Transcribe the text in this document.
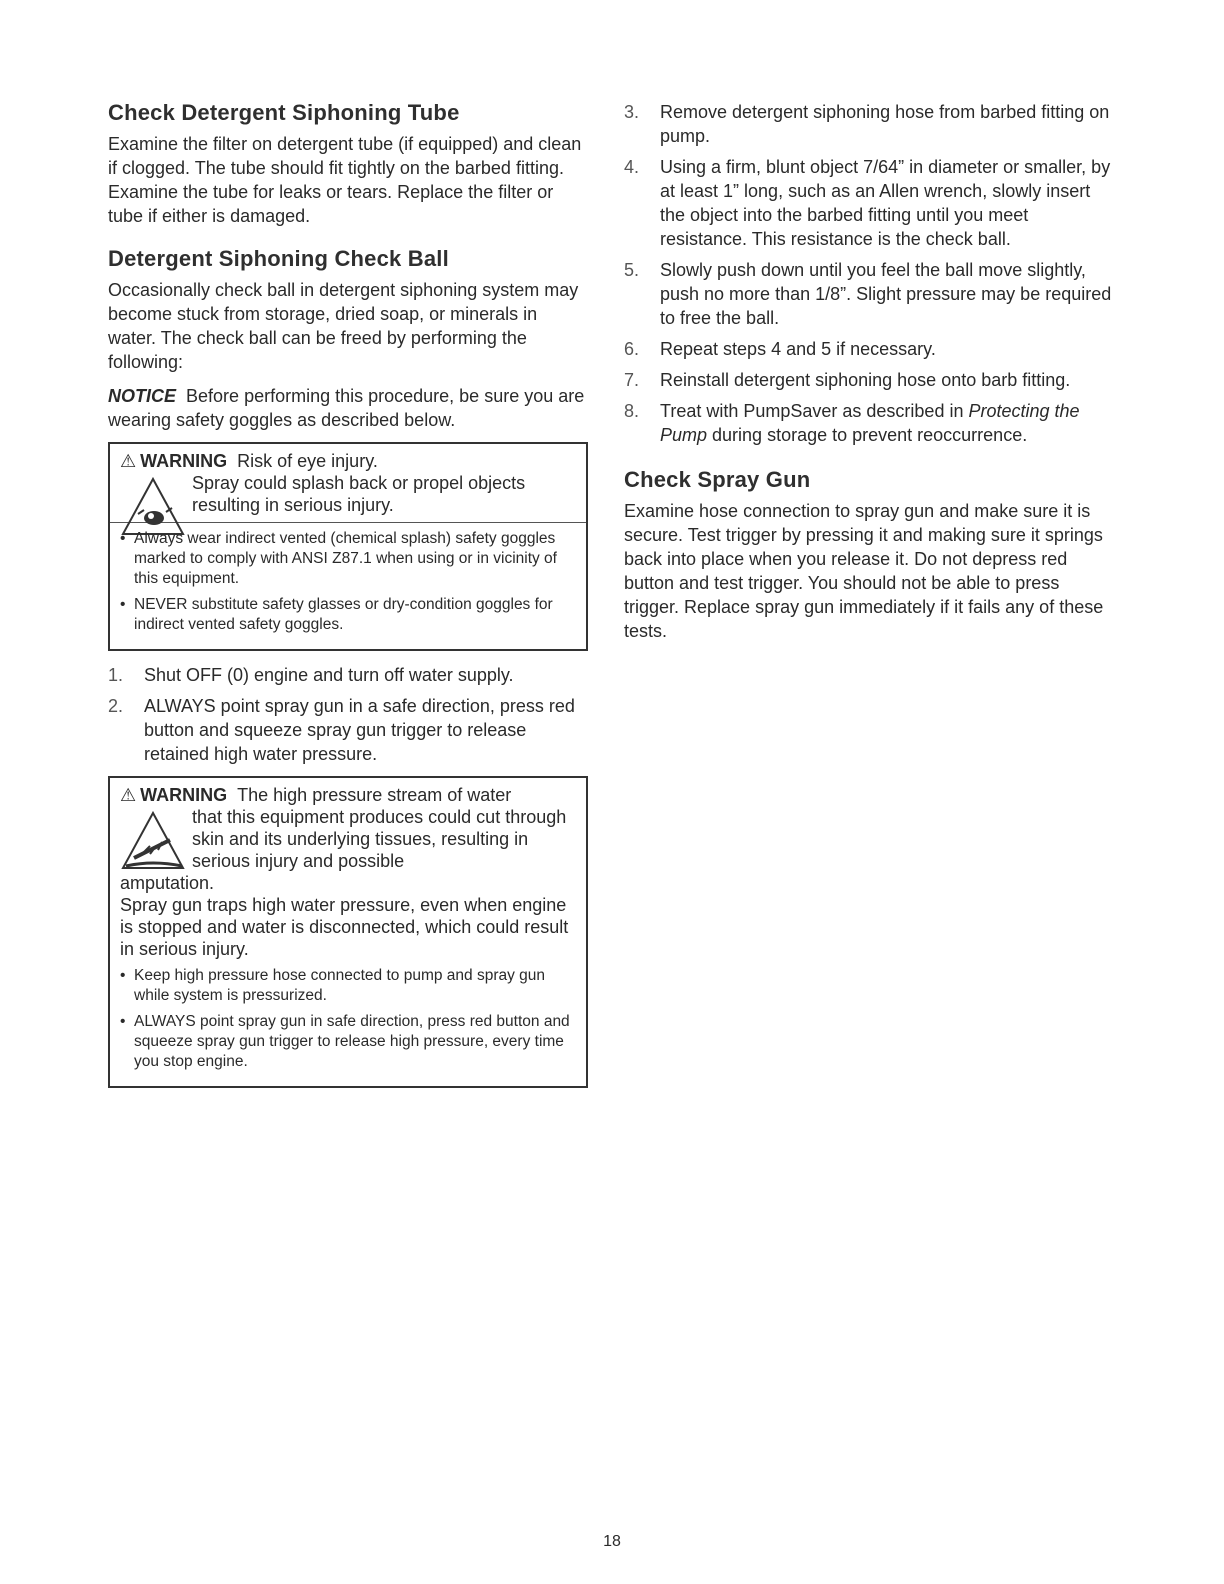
Check Detergent Siphoning Tube

Examine the filter on detergent tube (if equipped) and clean if clogged. The tube should fit tightly on the barbed fitting. Examine the tube for leaks or tears. Replace the filter or tube if either is damaged.

Detergent Siphoning Check Ball

Occasionally check ball in detergent siphoning system may become stuck from storage, dried soap, or minerals in water. The check ball can be freed by performing the following:

NOTICE Before performing this procedure, be sure you are wearing safety goggles as described below.

⚠ WARNING Risk of eye injury.
Spray could splash back or propel objects resulting in serious injury.
• Always wear indirect vented (chemical splash) safety goggles marked to comply with ANSI Z87.1 when using or in vicinity of this equipment.
• NEVER substitute safety glasses or dry-condition goggles for indirect vented safety goggles.
1. Shut OFF (0) engine and turn off water supply.
2. ALWAYS point spray gun in a safe direction, press red button and squeeze spray gun trigger to release retained high water pressure.
⚠ WARNING The high pressure stream of water
that this equipment produces could cut through skin and its underlying tissues, resulting in serious injury and possible
amputation.
Spray gun traps high water pressure, even when engine is stopped and water is disconnected, which could result in serious injury.
• Keep high pressure hose connected to pump and spray gun while system is pressurized.
• ALWAYS point spray gun in safe direction, press red button and squeeze spray gun trigger to release high pressure, every time you stop engine.
3. Remove detergent siphoning hose from barbed fitting on pump.
4. Using a firm, blunt object 7/64” in diameter or smaller, by at least 1” long, such as an Allen wrench, slowly insert the object into the barbed fitting until you meet resistance. This resistance is the check ball.
5. Slowly push down until you feel the ball move slightly, push no more than 1/8”. Slight pressure may be required to free the ball.
6. Repeat steps 4 and 5 if necessary.
7. Reinstall detergent siphoning hose onto barb fitting.
8. Treat with PumpSaver as described in Protecting the Pump during storage to prevent reoccurrence.
Check Spray Gun

Examine hose connection to spray gun and make sure it is secure. Test trigger by pressing it and making sure it springs back into place when you release it. Do not depress red button and test trigger. You should not be able to press trigger. Replace spray gun immediately if it fails any of these tests.

18
